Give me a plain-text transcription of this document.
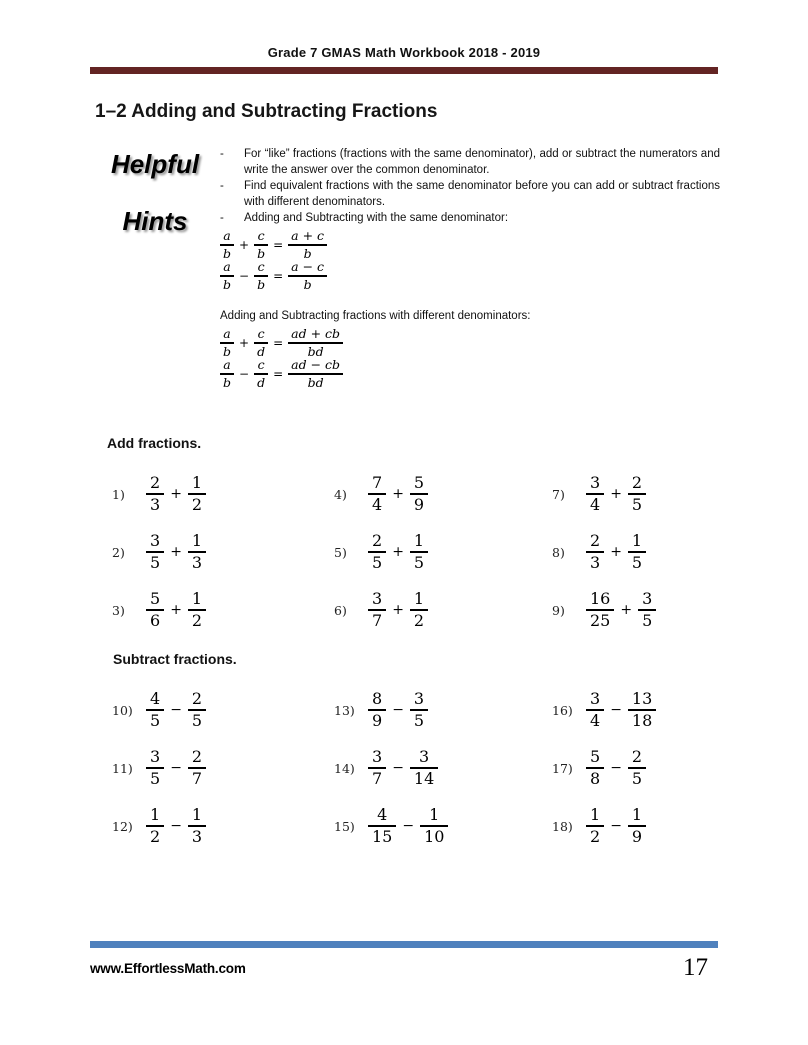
Grade 7 GMAS Math Workbook 2018 - 2019
1–2 Adding and Subtracting Fractions
Helpful
Hints
-	For “like” fractions (fractions with the same denominator), add or subtract the numerators and write the answer over the common denominator.
-	Find equivalent fractions with the same denominator before you can add or subtract fractions with different denominators.
-	Adding and Subtracting with the same denominator:
$\frac{a}{b} + \frac{c}{b} = \frac{a + c}{b}$
$\frac{a}{b} - \frac{c}{b} = \frac{a - c}{b}$
Adding and Subtracting fractions with different denominators:
$\frac{a}{b} + \frac{c}{d} = \frac{ad + cb}{bd}$
$\frac{a}{b} - \frac{c}{d} = \frac{ad - cb}{bd}$
Add fractions.
1)	$\frac{2}{3} + \frac{1}{2}$
2)	$\frac{3}{5} + \frac{1}{3}$
3)	$\frac{5}{6} + \frac{1}{2}$
4)	$\frac{7}{4} + \frac{5}{9}$
5)	$\frac{2}{5} + \frac{1}{5}$
6)	$\frac{3}{7} + \frac{1}{2}$
7)	$\frac{3}{4} + \frac{2}{5}$
8)	$\frac{2}{3} + \frac{1}{5}$
9)	$\frac{16}{25} + \frac{3}{5}$
Subtract fractions.
$10) \frac{4}{5} - \frac{2}{5}$
$11) \frac{3}{5} - \frac{2}{7}$
$12) \frac{1}{2} - \frac{1}{3}$
$13) \frac{8}{9} - \frac{3}{5}$
$14) \frac{3}{7} - \frac{3}{14}$
$15) \frac{4}{15} - \frac{1}{10}$
$16) \frac{3}{4} - \frac{13}{18}$
$17) \frac{5}{8} - \frac{2}{5}$
$18) \frac{1}{2} - \frac{1}{9}$
www.EffortlessMath.com	17
